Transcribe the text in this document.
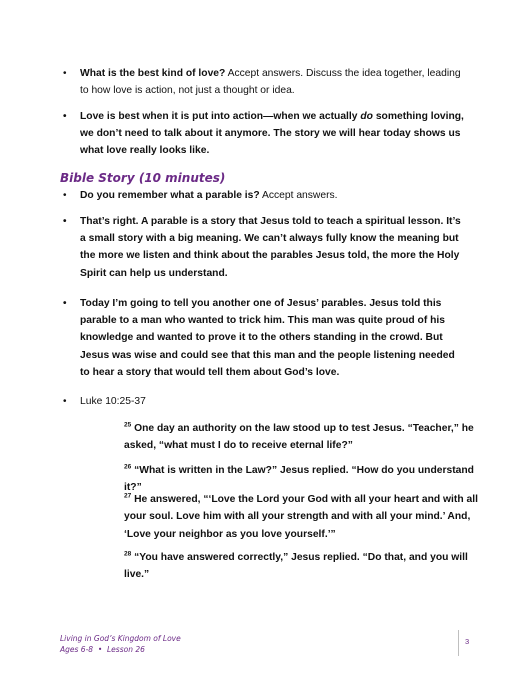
• What is the best kind of love? Accept answers. Discuss the idea together, leading to how love is action, not just a thought or idea.
• Love is best when it is put into action—when we actually do something loving, we don’t need to talk about it anymore. The story we will hear today shows us what love really looks like.
Bible Story (10 minutes)
• Do you remember what a parable is? Accept answers.
• That’s right. A parable is a story that Jesus told to teach a spiritual lesson. It’s a small story with a big meaning. We can’t always fully know the meaning but the more we listen and think about the parables Jesus told, the more the Holy Spirit can help us understand.
• Today I’m going to tell you another one of Jesus’ parables. Jesus told this parable to a man who wanted to trick him. This man was quite proud of his knowledge and wanted to prove it to the others standing in the crowd. But Jesus was wise and could see that this man and the people listening needed to hear a story that would tell them about God’s love.
• Luke 10:25-37
$^{25}$ One day an authority on the law stood up to test Jesus. “Teacher,” he asked, “what must I do to receive eternal life?”
$^{26}$ “What is written in the Law?” Jesus replied. “How do you understand it?”
$^{27}$ He answered, “‘Love the Lord your God with all your heart and with all your soul. Love him with all your strength and with all your mind.’ And, ‘Love your neighbor as you love yourself.’”
$^{28}$ “You have answered correctly,” Jesus replied. “Do that, and you will live.”
Living in God’s Kingdom of Love
Ages 6-8  •  Lesson 26
3
